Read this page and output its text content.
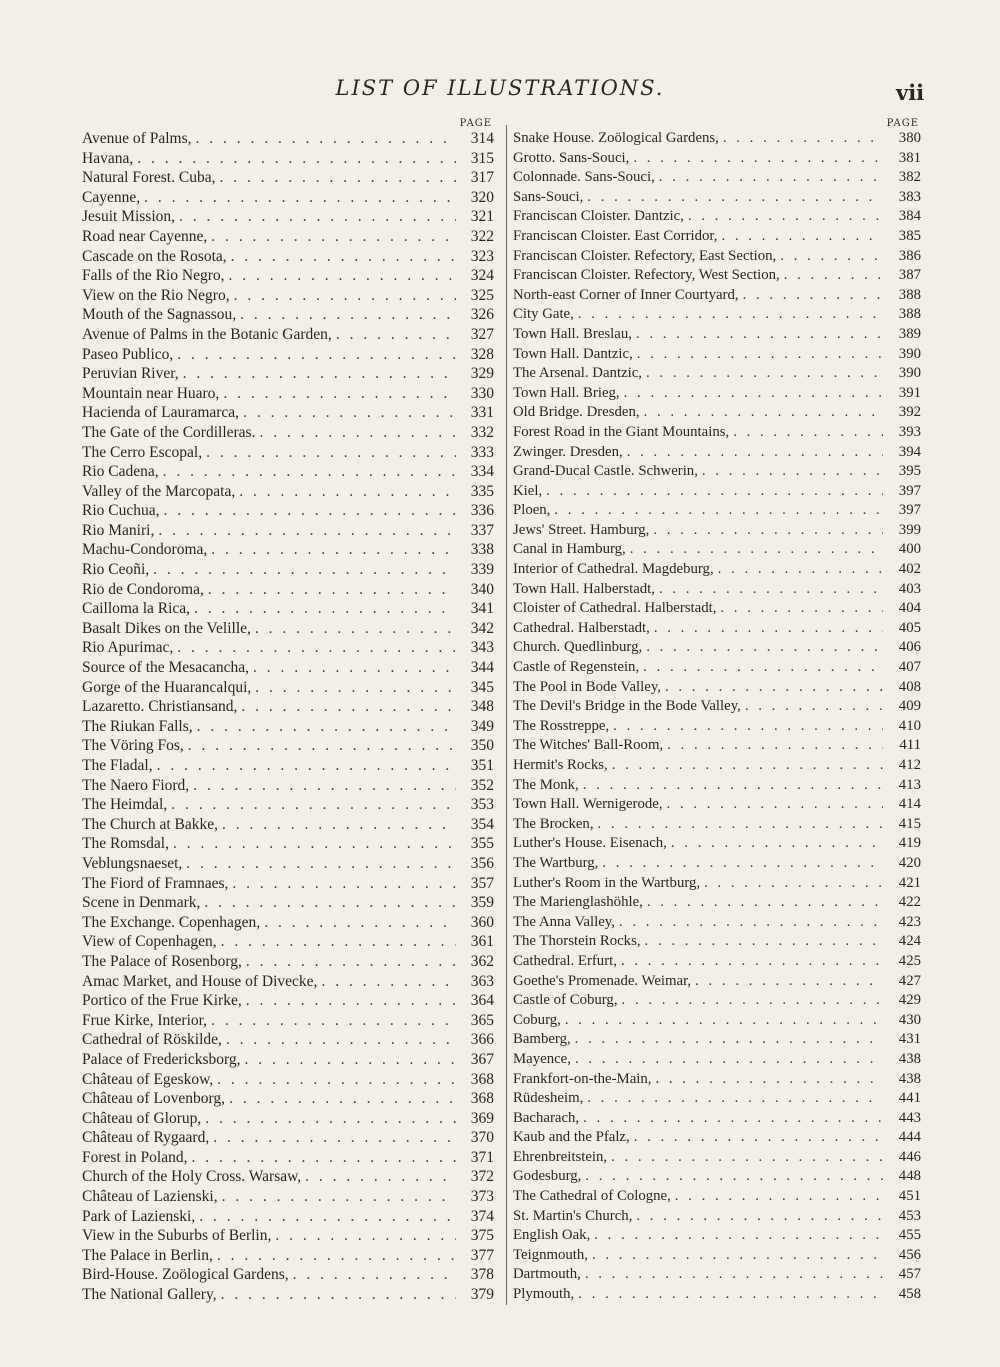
LIST OF ILLUSTRATIONS.	vii
PAGE
Avenue of Palms, . . .	314
Havana, . . .	315
Natural Forest. Cuba, . . .	317
Cayenne, . . .	320
Jesuit Mission, . . .	321
Road near Cayenne, . . .	322
Cascade on the Rosota, . . .	323
Falls of the Rio Negro, . . .	324
View on the Rio Negro, . . .	325
Mouth of the Sagnassou, . . .	326
Avenue of Palms in the Botanic Garden, . . .	327
Paseo Publico, . . .	328
Peruvian River, . . .	329
Mountain near Huaro, . . .	330
Hacienda of Lauramarca, . . .	331
The Gate of the Cordilleras. . . .	332
The Cerro Escopal, . . .	333
Rio Cadena, . . .	334
Valley of the Marcopata, . . .	335
Rio Cuchua, . . .	336
Rio Maniri, . . .	337
Machu-Condoroma, . . .	338
Rio Ceoñi, . . .	339
Rio de Condoroma, . . .	340
Cailloma la Rica, . . .	341
Basalt Dikes on the Velille, . . .	342
Rio Apurimac, . . .	343
Source of the Mesacancha, . . .	344
Gorge of the Huarancalqui, . . .	345
Lazaretto. Christiansand, . . .	348
The Riukan Falls, . . .	349
The Vöring Fos, . . .	350
The Fladal, . . .	351
The Naero Fiord, . . .	352
The Heimdal, . . .	353
The Church at Bakke, . . .	354
The Romsdal, . . .	355
Veblungsnaeset, . . .	356
The Fiord of Framnaes, . . .	357
Scene in Denmark, . . .	359
The Exchange. Copenhagen, . . .	360
View of Copenhagen, . . .	361
The Palace of Rosenborg, . . .	362
Amac Market, and House of Divecke, . . .	363
Portico of the Frue Kirke, . . .	364
Frue Kirke, Interior, . . .	365
Cathedral of Röskilde, . . .	366
Palace of Fredericksborg, . . .	367
Château of Egeskow, . . .	368
Château of Lovenborg, . . .	368
Château of Glorup, . . .	369
Château of Rygaard, . . .	370
Forest in Poland, . . .	371
Church of the Holy Cross. Warsaw, . . .	372
Château of Lazienski, . . .	373
Park of Lazienski, . . .	374
View in the Suburbs of Berlin, . . .	375
The Palace in Berlin, . . .	377
Bird-House. Zoölogical Gardens, . . .	378
The National Gallery, . . .	379
PAGE
Snake House. Zoölogical Gardens, . . .	380
Grotto. Sans-Souci, . . .	381
Colonnade. Sans-Souci, . . .	382
Sans-Souci, . . .	383
Franciscan Cloister. Dantzic, . . .	384
Franciscan Cloister. East Corridor, . . .	385
Franciscan Cloister. Refectory, East Section, . . .	386
Franciscan Cloister. Refectory, West Section, . . .	387
North-east Corner of Inner Courtyard, . . .	388
City Gate, . . .	388
Town Hall. Breslau, . . .	389
Town Hall. Dantzic, . . .	390
The Arsenal. Dantzic, . . .	390
Town Hall. Brieg, . . .	391
Old Bridge. Dresden, . . .	392
Forest Road in the Giant Mountains, . . .	393
Zwinger. Dresden, . . .	394
Grand-Ducal Castle. Schwerin, . . .	395
Kiel, . . .	397
Ploen, . . .	397
Jews' Street. Hamburg, . . .	399
Canal in Hamburg, . . .	400
Interior of Cathedral. Magdeburg, . . .	402
Town Hall. Halberstadt, . . .	403
Cloister of Cathedral. Halberstadt, . . .	404
Cathedral. Halberstadt, . . .	405
Church. Quedlinburg, . . .	406
Castle of Regenstein, . . .	407
The Pool in Bode Valley, . . .	408
The Devil's Bridge in the Bode Valley, . . .	409
The Rosstreppe, . . .	410
The Witches' Ball-Room, . . .	411
Hermit's Rocks, . . .	412
The Monk, . . .	413
Town Hall. Wernigerode, . . .	414
The Brocken, . . .	415
Luther's House. Eisenach, . . .	419
The Wartburg, . . .	420
Luther's Room in the Wartburg, . . .	421
The Marienglashöhle, . . .	422
The Anna Valley, . . .	423
The Thorstein Rocks, . . .	424
Cathedral. Erfurt, . . .	425
Goethe's Promenade. Weimar, . . .	427
Castle of Coburg, . . .	429
Coburg, . . .	430
Bamberg, . . .	431
Mayence, . . .	438
Frankfort-on-the-Main, . . .	438
Rüdesheim, . . .	441
Bacharach, . . .	443
Kaub and the Pfalz, . . .	444
Ehrenbreitstein, . . .	446
Godesburg, . . .	448
The Cathedral of Cologne, . . .	451
St. Martin's Church, . . .	453
English Oak, . . .	455
Teignmouth, . . .	456
Dartmouth, . . .	457
Plymouth, . . .	458
